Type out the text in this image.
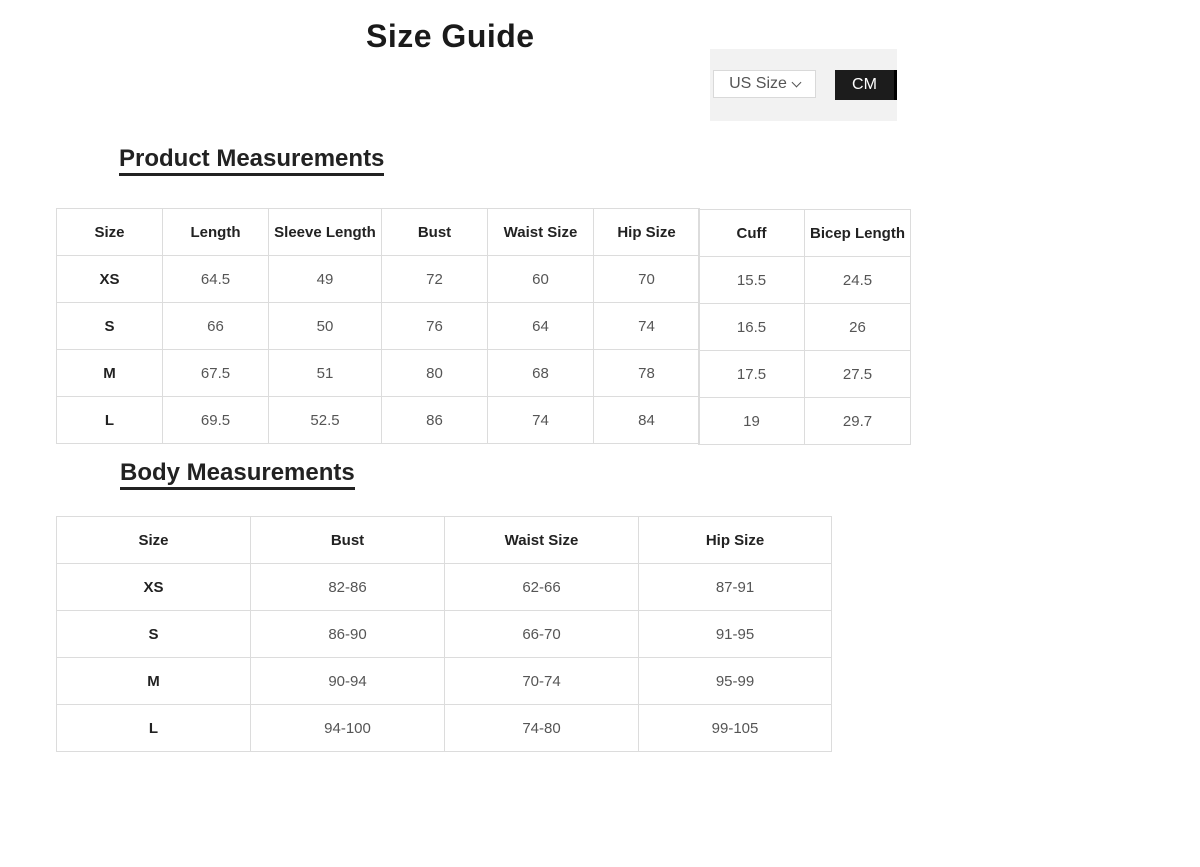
Size Guide
US Size	CM
Product Measurements
Size	Length	Sleeve Length	Bust	Waist Size	Hip Size
XS	64.5	49	72	60	70
S	66	50	76	64	74
M	67.5	51	80	68	78
L	69.5	52.5	86	74	84
Cuff	Bicep Length
15.5	24.5
16.5	26
17.5	27.5
19	29.7
Body Measurements
Size	Bust	Waist Size	Hip Size
XS	82-86	62-66	87-91
S	86-90	66-70	91-95
M	90-94	70-74	95-99
L	94-100	74-80	99-105
